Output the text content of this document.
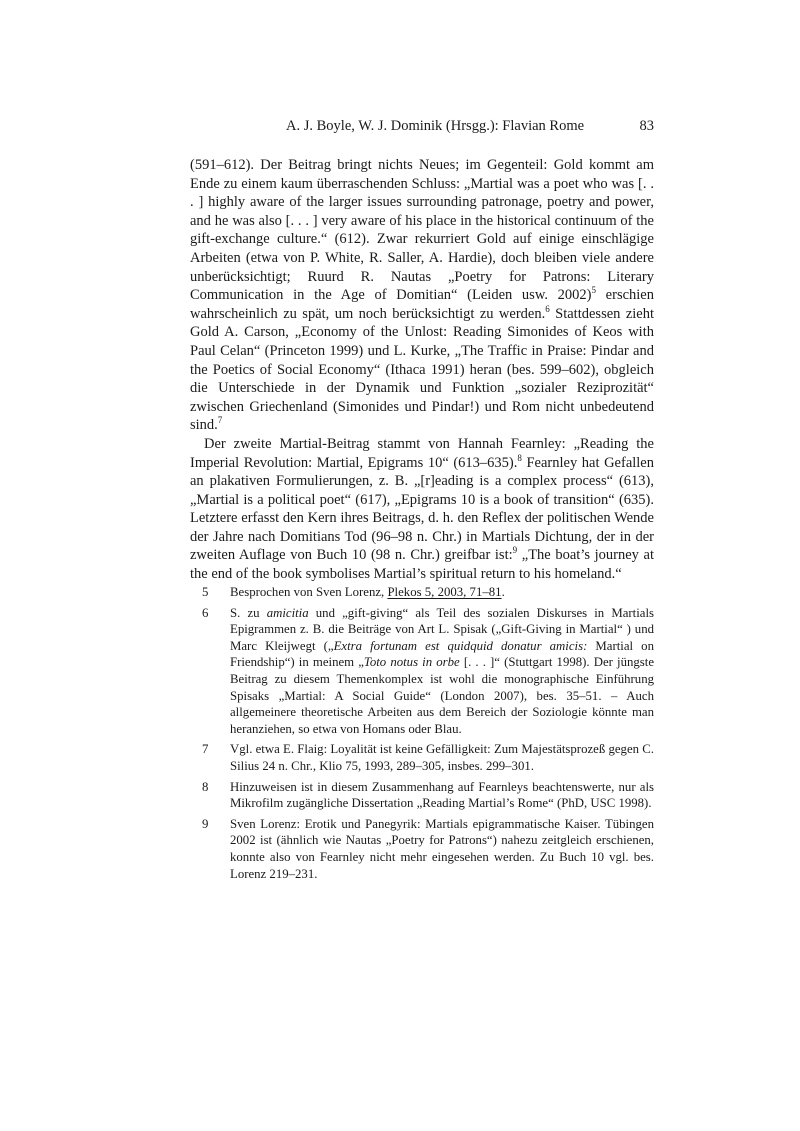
A. J. Boyle, W. J. Dominik (Hrsgg.): Flavian Rome	83

(591–612). Der Beitrag bringt nichts Neues; im Gegenteil: Gold kommt am Ende zu einem kaum überraschenden Schluss: „Martial was a poet who was [. . . ] highly aware of the larger issues surrounding patronage, poetry and power, and he was also [. . . ] very aware of his place in the historical continuum of the gift-exchange culture.“ (612). Zwar rekurriert Gold auf einige einschlägige Arbeiten (etwa von P. White, R. Saller, A. Hardie), doch bleiben viele andere unberücksichtigt; Ruurd R. Nautas „Poetry for Patrons: Literary Communication in the Age of Domitian“ (Leiden usw. 2002)$^5$ erschien wahrscheinlich zu spät, um noch berücksichtigt zu werden.$^6$ Stattdessen zieht Gold A. Carson, „Economy of the Unlost: Reading Simonides of Keos with Paul Celan“ (Princeton 1999) und L. Kurke, „The Traffic in Praise: Pindar and the Poetics of Social Economy“ (Ithaca 1991) heran (bes. 599–602), obgleich die Unterschiede in der Dynamik und Funktion „sozialer Reziprozität“ zwischen Griechenland (Simonides und Pindar!) und Rom nicht unbedeutend sind.$^7$

Der zweite Martial-Beitrag stammt von Hannah Fearnley: „Reading the Imperial Revolution: Martial, Epigrams 10“ (613–635).$^8$ Fearnley hat Gefallen an plakativen Formulierungen, z. B. „[r]eading is a complex process“ (613), „Martial is a political poet“ (617), „Epigrams 10 is a book of transition“ (635). Letztere erfasst den Kern ihres Beitrags, d. h. den Reflex der politischen Wende der Jahre nach Domitians Tod (96–98 n. Chr.) in Martials Dichtung, der in der zweiten Auflage von Buch 10 (98 n. Chr.) greifbar ist:$^9$ „The boat’s journey at the end of the book symbolises Martial’s spiritual return to his homeland.“

5	Besprochen von Sven Lorenz, Plekos 5, 2003, 71–81.
6	S. zu amicitia und „gift-giving“ als Teil des sozialen Diskurses in Martials Epigrammen z. B. die Beiträge von Art L. Spisak („Gift-Giving in Martial“ ) und Marc Kleijwegt („Extra fortunam est quidquid donatur amicis: Martial on Friendship“) in meinem „Toto notus in orbe [. . . ]“ (Stuttgart 1998). Der jüngste Beitrag zu diesem Themenkomplex ist wohl die monographische Einführung Spisaks „Martial: A Social Guide“ (London 2007), bes. 35–51. – Auch allgemeinere theoretische Arbeiten aus dem Bereich der Soziologie könnte man heranziehen, so etwa von Homans oder Blau.
7	Vgl. etwa E. Flaig: Loyalität ist keine Gefälligkeit: Zum Majestätsprozeß gegen C. Silius 24 n. Chr., Klio 75, 1993, 289–305, insbes. 299–301.
8	Hinzuweisen ist in diesem Zusammenhang auf Fearnleys beachtenswerte, nur als Mikrofilm zugängliche Dissertation „Reading Martial’s Rome“ (PhD, USC 1998).
9	Sven Lorenz: Erotik und Panegyrik: Martials epigrammatische Kaiser. Tübingen 2002 ist (ähnlich wie Nautas „Poetry for Patrons“) nahezu zeitgleich erschienen, konnte also von Fearnley nicht mehr eingesehen werden. Zu Buch 10 vgl. bes. Lorenz 219–231.
